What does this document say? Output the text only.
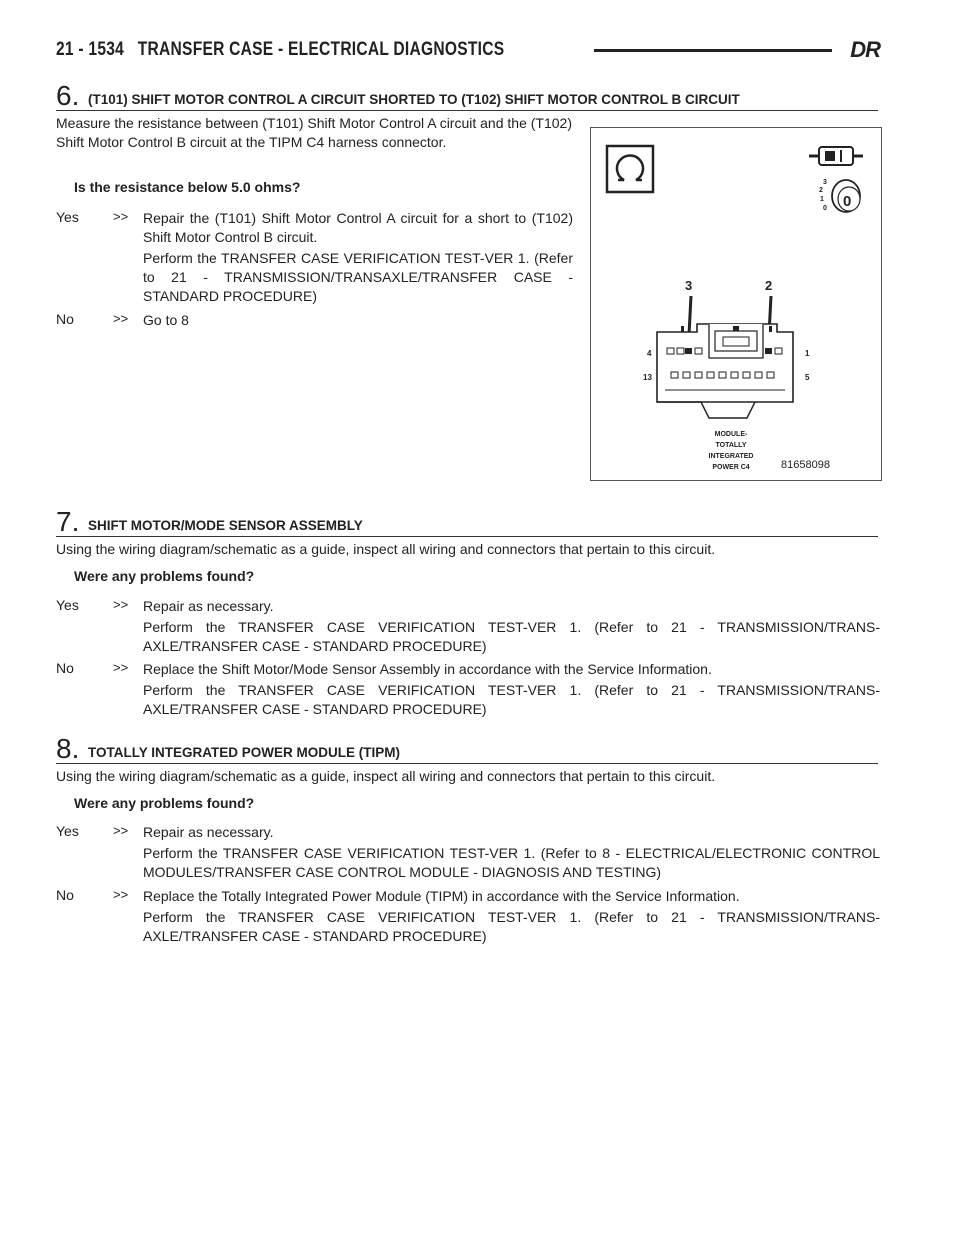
21 - 1534 TRANSFER CASE - ELECTRICAL DIAGNOSTICS	DR
6. (T101) SHIFT MOTOR CONTROL A CIRCUIT SHORTED TO (T102) SHIFT MOTOR CONTROL B CIRCUIT
Measure the resistance between (T101) Shift Motor Control A circuit and the (T102) Shift Motor Control B circuit at the TIPM C4 harness connector.
Is the resistance below 5.0 ohms?
Yes	>> Repair the (T101) Shift Motor Control A circuit for a short to (T102) Shift Motor Control B circuit.
Perform the TRANSFER CASE VERIFICATION TEST-VER 1. (Refer to 21 - TRANSMISSION/TRANSAXLE/TRANSFER CASE - STANDARD PROCEDURE)
No	>> Go to 8
3
2
1
0 0
3	2
4	1
13	5
MODULE-
TOTALLY
INTEGRATED
POWER C4	81658098
7. SHIFT MOTOR/MODE SENSOR ASSEMBLY
Using the wiring diagram/schematic as a guide, inspect all wiring and connectors that pertain to this circuit.
Were any problems found?
Yes	>> Repair as necessary.
Perform the TRANSFER CASE VERIFICATION TEST-VER 1. (Refer to 21 - TRANSMISSION/TRANS-AXLE/TRANSFER CASE - STANDARD PROCEDURE)
No	>> Replace the Shift Motor/Mode Sensor Assembly in accordance with the Service Information.
Perform the TRANSFER CASE VERIFICATION TEST-VER 1. (Refer to 21 - TRANSMISSION/TRANS-AXLE/TRANSFER CASE - STANDARD PROCEDURE)
8. TOTALLY INTEGRATED POWER MODULE (TIPM)
Using the wiring diagram/schematic as a guide, inspect all wiring and connectors that pertain to this circuit.
Were any problems found?
Yes	>> Repair as necessary.
Perform the TRANSFER CASE VERIFICATION TEST-VER 1. (Refer to 8 - ELECTRICAL/ELECTRONIC CONTROL MODULES/TRANSFER CASE CONTROL MODULE - DIAGNOSIS AND TESTING)
No	>> Replace the Totally Integrated Power Module (TIPM) in accordance with the Service Information.
Perform the TRANSFER CASE VERIFICATION TEST-VER 1. (Refer to 21 - TRANSMISSION/TRANS-AXLE/TRANSFER CASE - STANDARD PROCEDURE)
